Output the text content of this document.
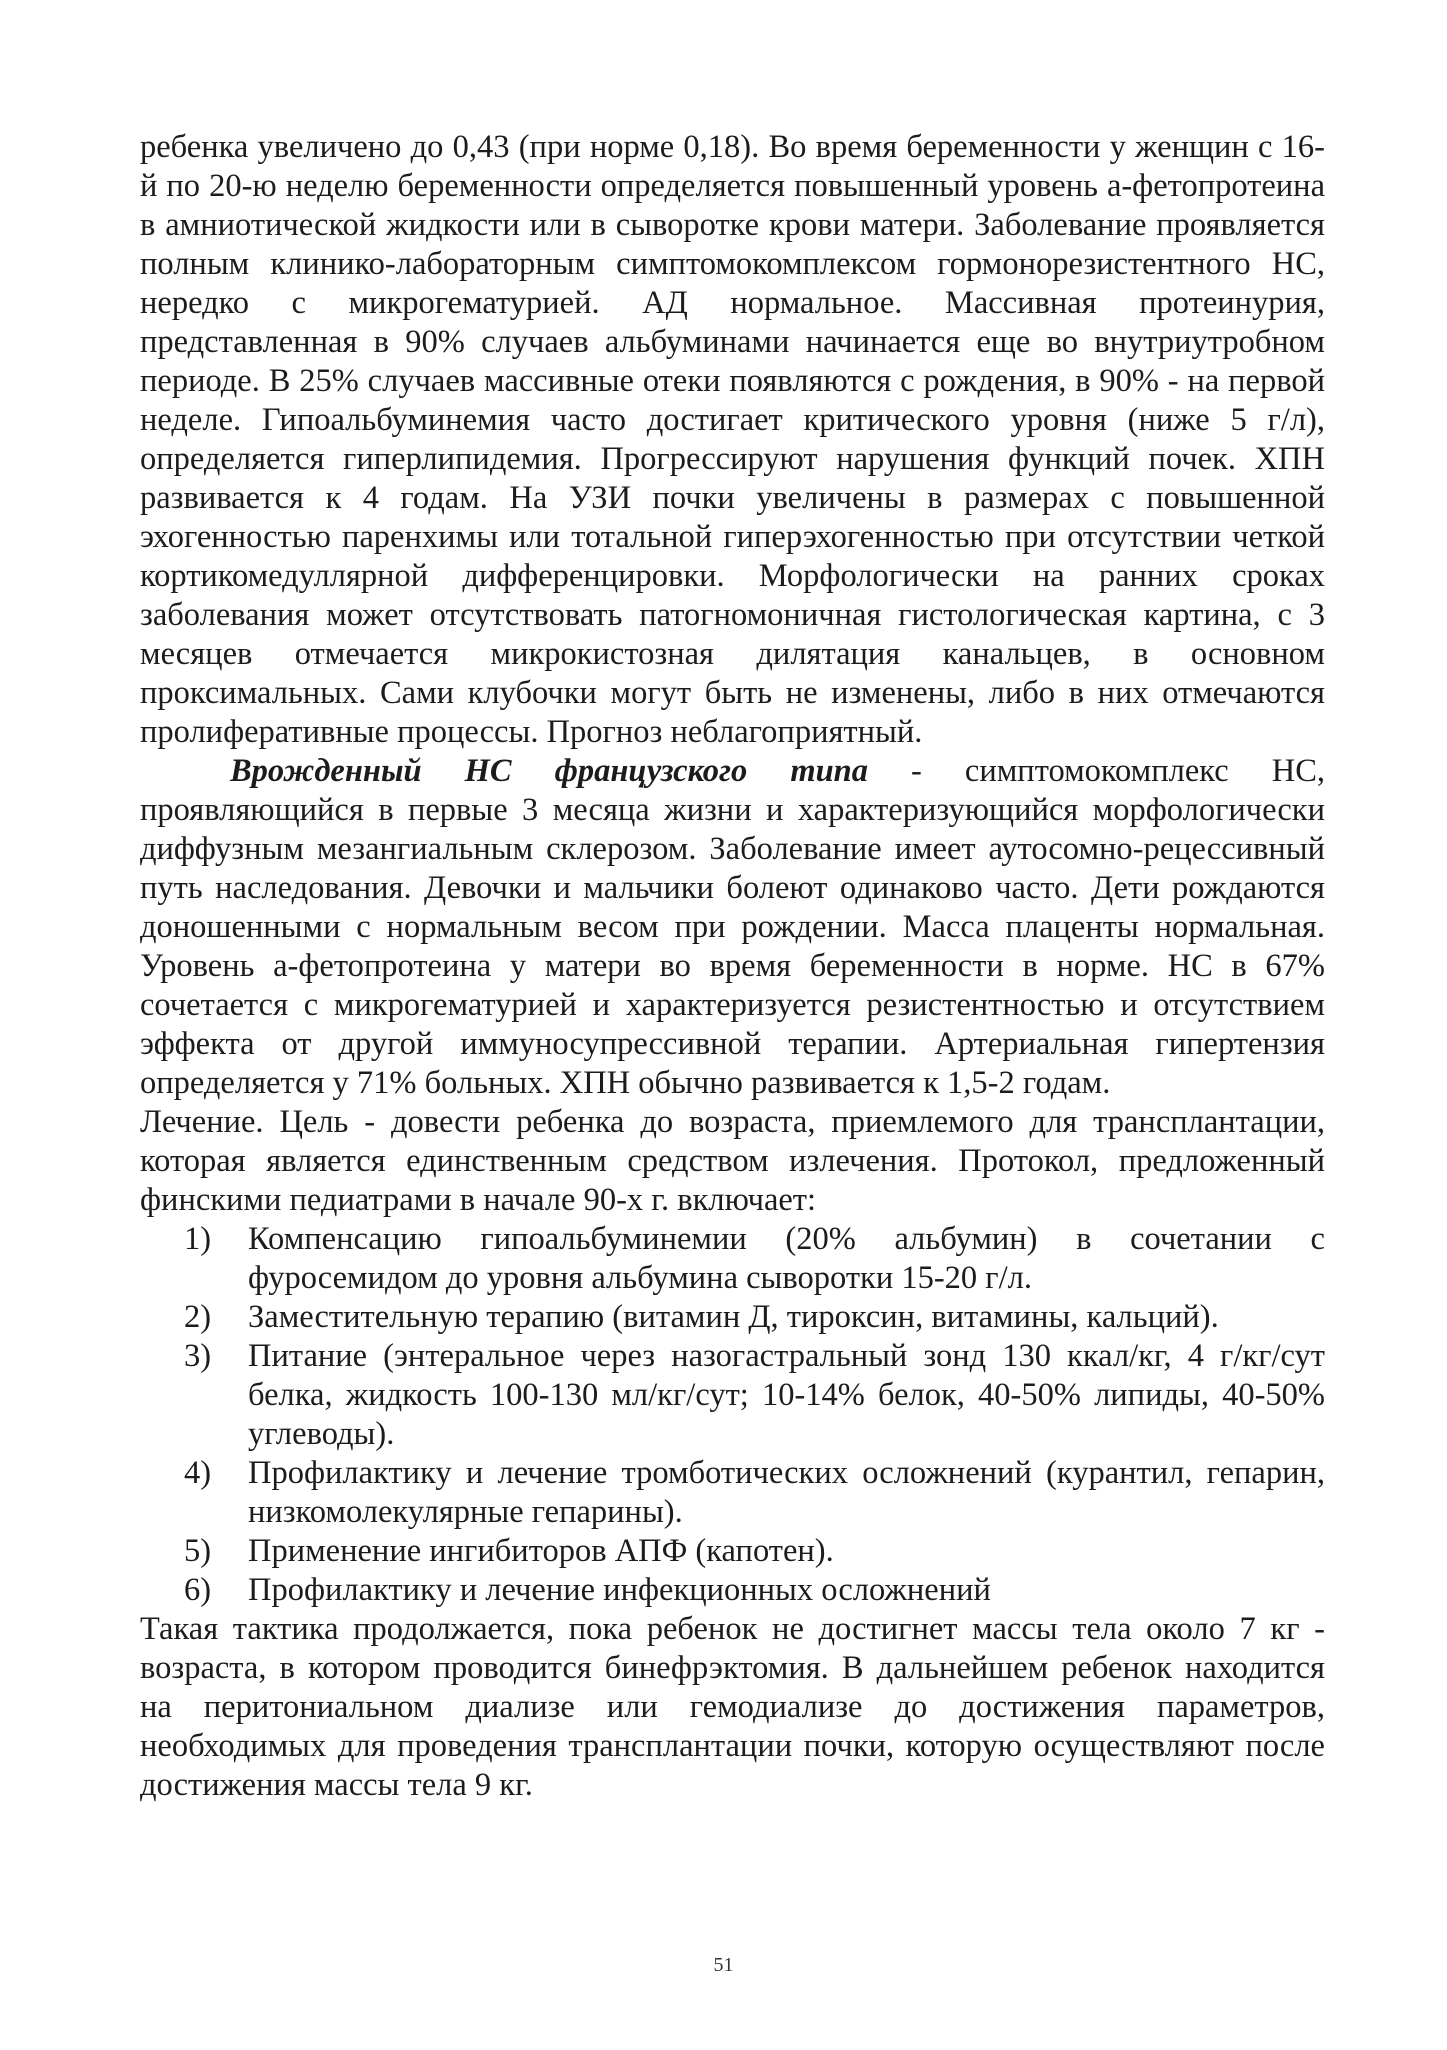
ребенка увеличено до 0,43 (при норме 0,18). Во время беременности у женщин с 16-й по 20-ю неделю беременности определяется повышенный уровень а-фетопротеина в амниотической жидкости или в сыворотке крови матери. Заболевание проявляется полным клинико-лабораторным симптомокомплексом гормонорезистентного НС, нередко с микрогематурией. АД нормальное. Массивная протеинурия, представленная в 90% случаев альбуминами начинается еще во внутриутробном периоде. В 25% случаев массивные отеки появляются с рождения, в 90% - на первой неделе. Гипоальбуминемия часто достигает критического уровня (ниже 5 г/л), определяется гиперлипидемия. Прогрессируют нарушения функций почек. ХПН развивается к 4 годам. На УЗИ почки увеличены в размерах с повышенной эхогенностью паренхимы или тотальной гиперэхогенностью при отсутствии четкой кортикомедуллярной дифференцировки. Морфологически на ранних сроках заболевания может отсутствовать патогномоничная гистологическая картина, с 3 месяцев отмечается микрокистозная дилятация канальцев, в основном проксимальных. Сами клубочки могут быть не изменены, либо в них отмечаются пролиферативные процессы. Прогноз неблагоприятный.

Врожденный НС французского типа - симптомокомплекс НС, проявляющийся в первые 3 месяца жизни и характеризующийся морфологически диффузным мезангиальным склерозом. Заболевание имеет аутосомно-рецессивный путь наследования. Девочки и мальчики болеют одинаково часто. Дети рождаются доношенными с нормальным весом при рождении. Масса плаценты нормальная. Уровень а-фетопротеина у матери во время беременности в норме. НС в 67% сочетается с микрогематурией и характеризуется резистентностью и отсутствием эффекта от другой иммуносупрессивной терапии. Артериальная гипертензия определяется у 71% больных. ХПН обычно развивается к 1,5-2 годам.

Лечение. Цель - довести ребенка до возраста, приемлемого для трансплантации, которая является единственным средством излечения. Протокол, предложенный финскими педиатрами в начале 90-х г. включает:

1) Компенсацию гипоальбуминемии (20% альбумин) в сочетании с фуросемидом до уровня альбумина сыворотки 15-20 г/л.
2) Заместительную терапию (витамин Д, тироксин, витамины, кальций).
3) Питание (энтеральное через назогастральный зонд 130 ккал/кг, 4 г/кг/сут белка, жидкость 100-130 мл/кг/сут; 10-14% белок, 40-50% липиды, 40-50% углеводы).
4) Профилактику и лечение тромботических осложнений (курантил, гепарин, низкомолекулярные гепарины).
5) Применение ингибиторов АПФ (капотен).
6) Профилактику и лечение инфекционных осложнений

Такая тактика продолжается, пока ребенок не достигнет массы тела около 7 кг - возраста, в котором проводится бинефрэктомия. В дальнейшем ребенок находится на перитониальном диализе или гемодиализе до достижения параметров, необходимых для проведения трансплантации почки, которую осуществляют после достижения массы тела 9 кг.

51
